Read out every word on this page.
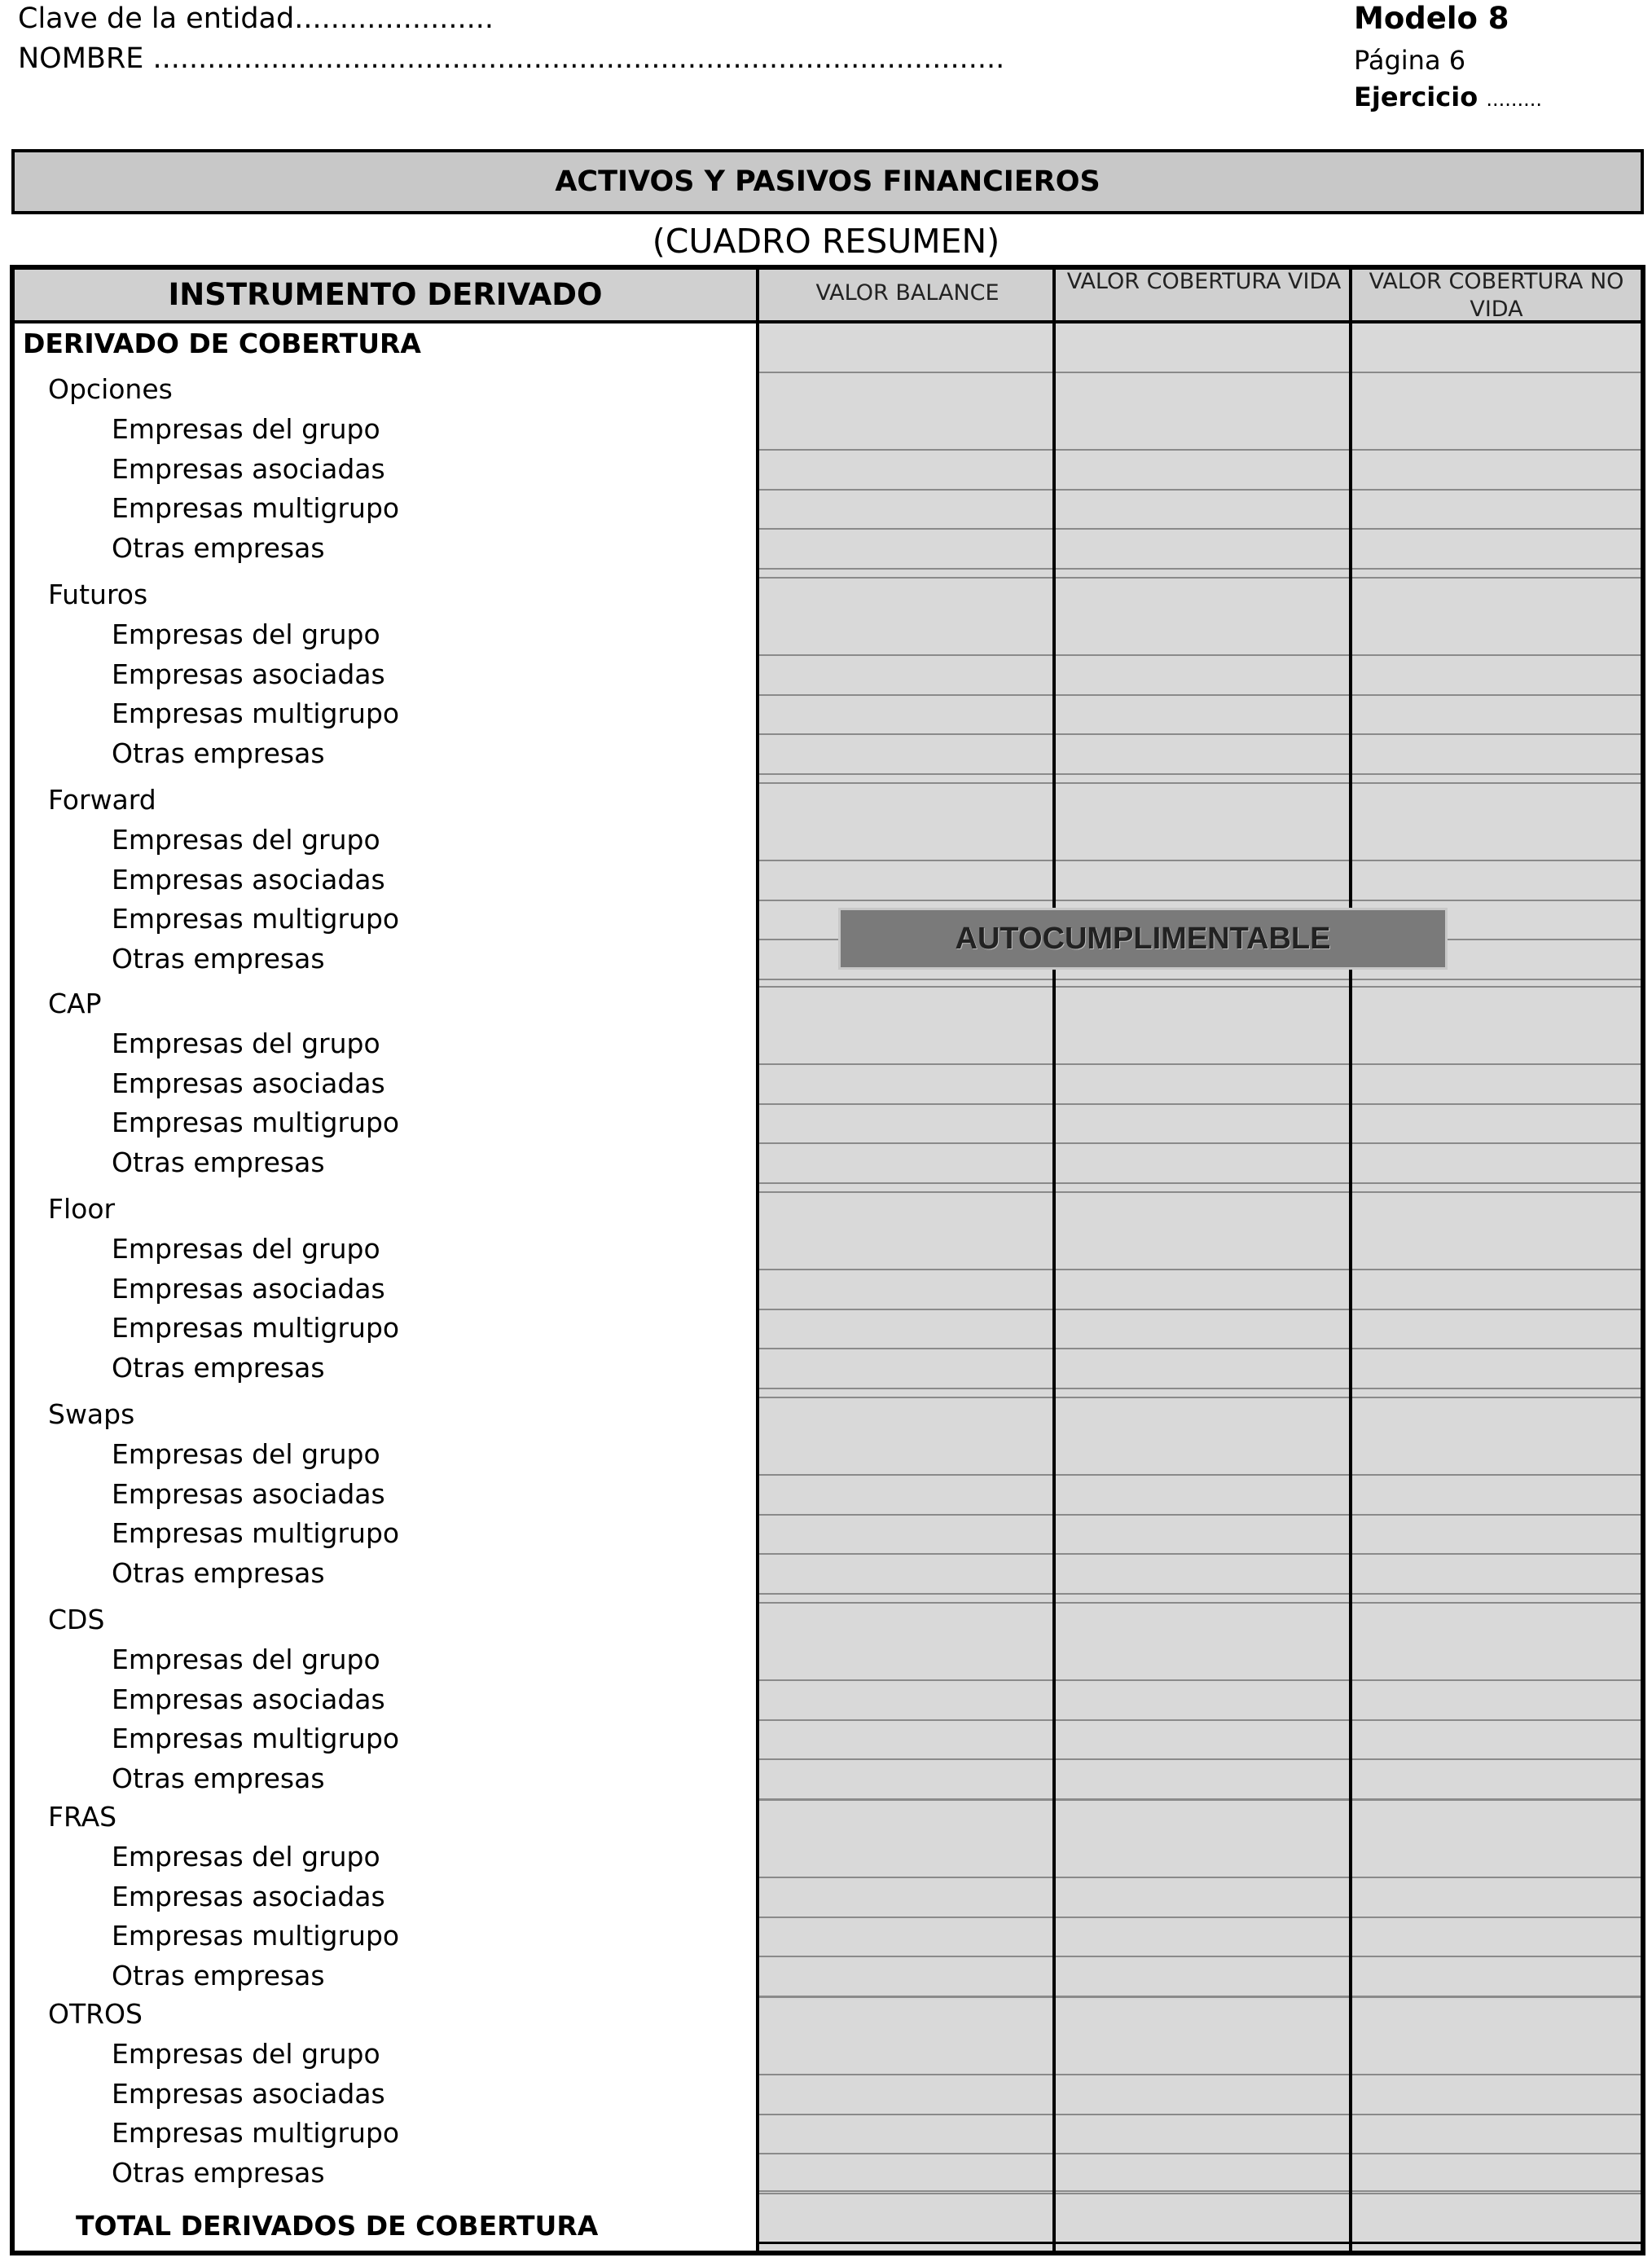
Clave de la entidad......................
NOMBRE ..............................................................................................
Modelo 8
Página 6
Ejercicio .........
ACTIVOS Y PASIVOS FINANCIEROS
(CUADRO RESUMEN)
INSTRUMENTO DERIVADO	VALOR BALANCE	VALOR COBERTURA VIDA	VALOR COBERTURA NO VIDA
DERIVADO DE COBERTURA
Opciones
Empresas del grupo
Empresas asociadas
Empresas multigrupo
Otras empresas
Futuros
Empresas del grupo
Empresas asociadas
Empresas multigrupo
Otras empresas
Forward
Empresas del grupo
Empresas asociadas
Empresas multigrupo
Otras empresas
CAP
Empresas del grupo
Empresas asociadas
Empresas multigrupo
Otras empresas
Floor
Empresas del grupo
Empresas asociadas
Empresas multigrupo
Otras empresas
Swaps
Empresas del grupo
Empresas asociadas
Empresas multigrupo
Otras empresas
CDS
Empresas del grupo
Empresas asociadas
Empresas multigrupo
Otras empresas
FRAS
Empresas del grupo
Empresas asociadas
Empresas multigrupo
Otras empresas
OTROS
Empresas del grupo
Empresas asociadas
Empresas multigrupo
Otras empresas
TOTAL DERIVADOS DE COBERTURA
AUTOCUMPLIMENTABLE
